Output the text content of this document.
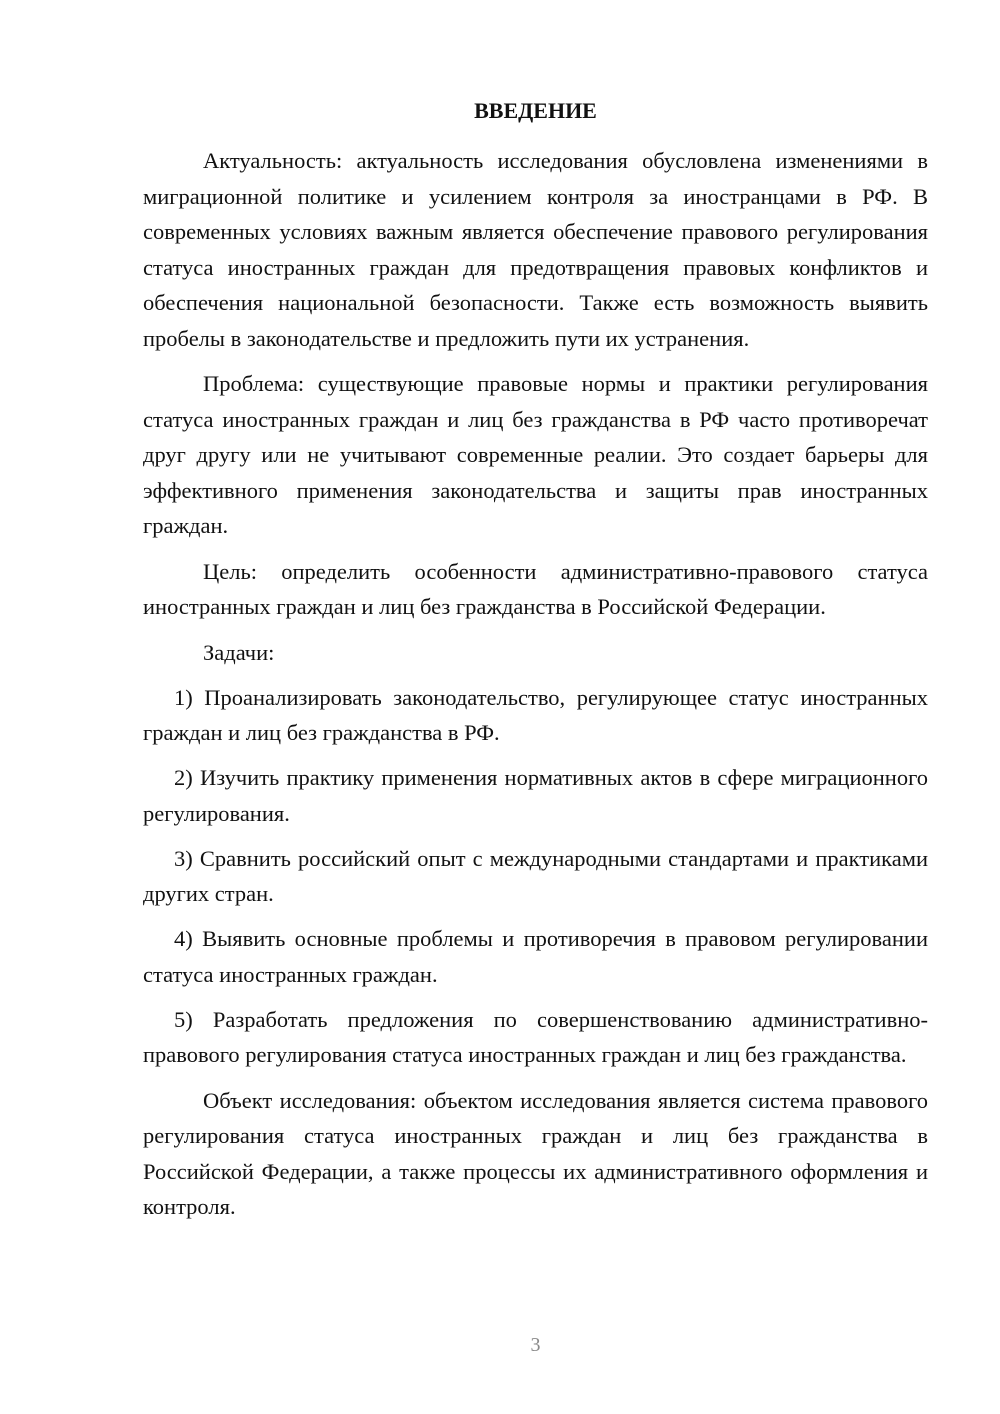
ВВЕДЕНИЕ

Актуальность: актуальность исследования обусловлена изменениями в миграционной политике и усилением контроля за иностранцами в РФ. В современных условиях важным является обеспечение правового регулирования статуса иностранных граждан для предотвращения правовых конфликтов и обеспечения национальной безопасности. Также есть возможность выявить пробелы в законодательстве и предложить пути их устранения.

Проблема: существующие правовые нормы и практики регулирования статуса иностранных граждан и лиц без гражданства в РФ часто противоречат друг другу или не учитывают современные реалии. Это создает барьеры для эффективного применения законодательства и защиты прав иностранных граждан.

Цель: определить особенности административно-правового статуса иностранных граждан и лиц без гражданства в Российской Федерации.

Задачи:

1) Проанализировать законодательство, регулирующее статус иностранных граждан и лиц без гражданства в РФ.

2) Изучить практику применения нормативных актов в сфере миграционного регулирования.

3) Сравнить российский опыт с международными стандартами и практиками других стран.

4) Выявить основные проблемы и противоречия в правовом регулировании статуса иностранных граждан.

5) Разработать предложения по совершенствованию административно-правового регулирования статуса иностранных граждан и лиц без гражданства.

Объект исследования: объектом исследования является система правового регулирования статуса иностранных граждан и лиц без гражданства в Российской Федерации, а также процессы их административного оформления и контроля.

3
